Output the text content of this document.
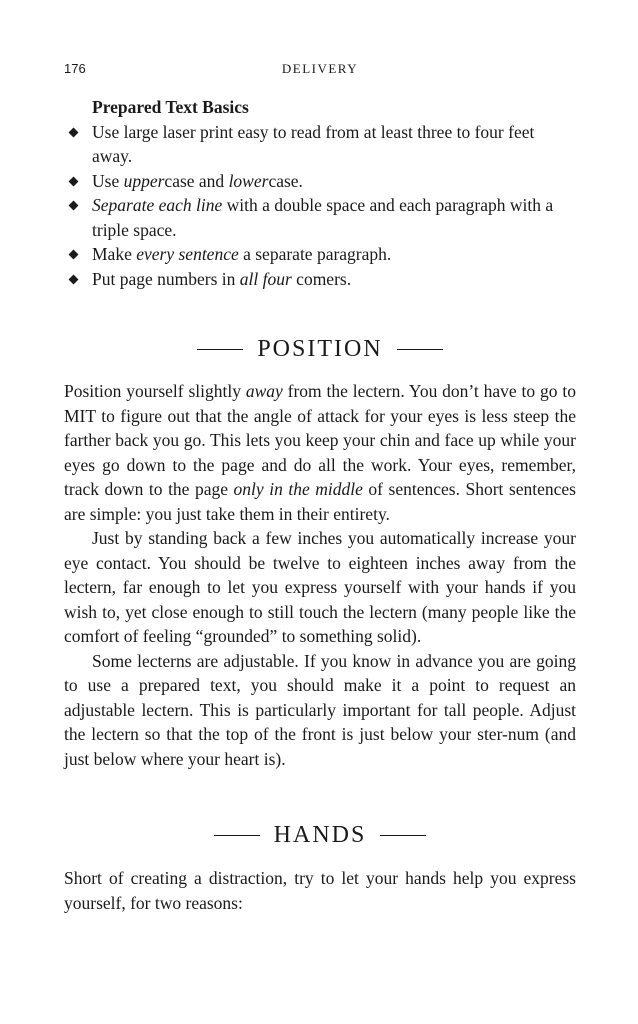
176	DELIVERY
Prepared Text Basics
Use large laser print easy to read from at least three to four feet away.
Use uppercase and lowercase.
Separate each line with a double space and each paragraph with a triple space.
Make every sentence a separate paragraph.
Put page numbers in all four comers.
POSITION

Position yourself slightly away from the lectern. You don’t have to go to MIT to figure out that the angle of attack for your eyes is less steep the farther back you go. This lets you keep your chin and face up while your eyes go down to the page and do all the work. Your eyes, remember, track down to the page only in the middle of sentences. Short sentences are simple: you just take them in their entirety.

Just by standing back a few inches you automatically increase your eye contact. You should be twelve to eighteen inches away from the lectern, far enough to let you express yourself with your hands if you wish to, yet close enough to still touch the lectern (many people like the comfort of feeling “grounded” to something solid).

Some lecterns are adjustable. If you know in advance you are going to use a prepared text, you should make it a point to request an adjustable lectern. This is particularly important for tall people. Adjust the lectern so that the top of the front is just below your ster-num (and just below where your heart is).

HANDS

Short of creating a distraction, try to let your hands help you express yourself, for two reasons:
